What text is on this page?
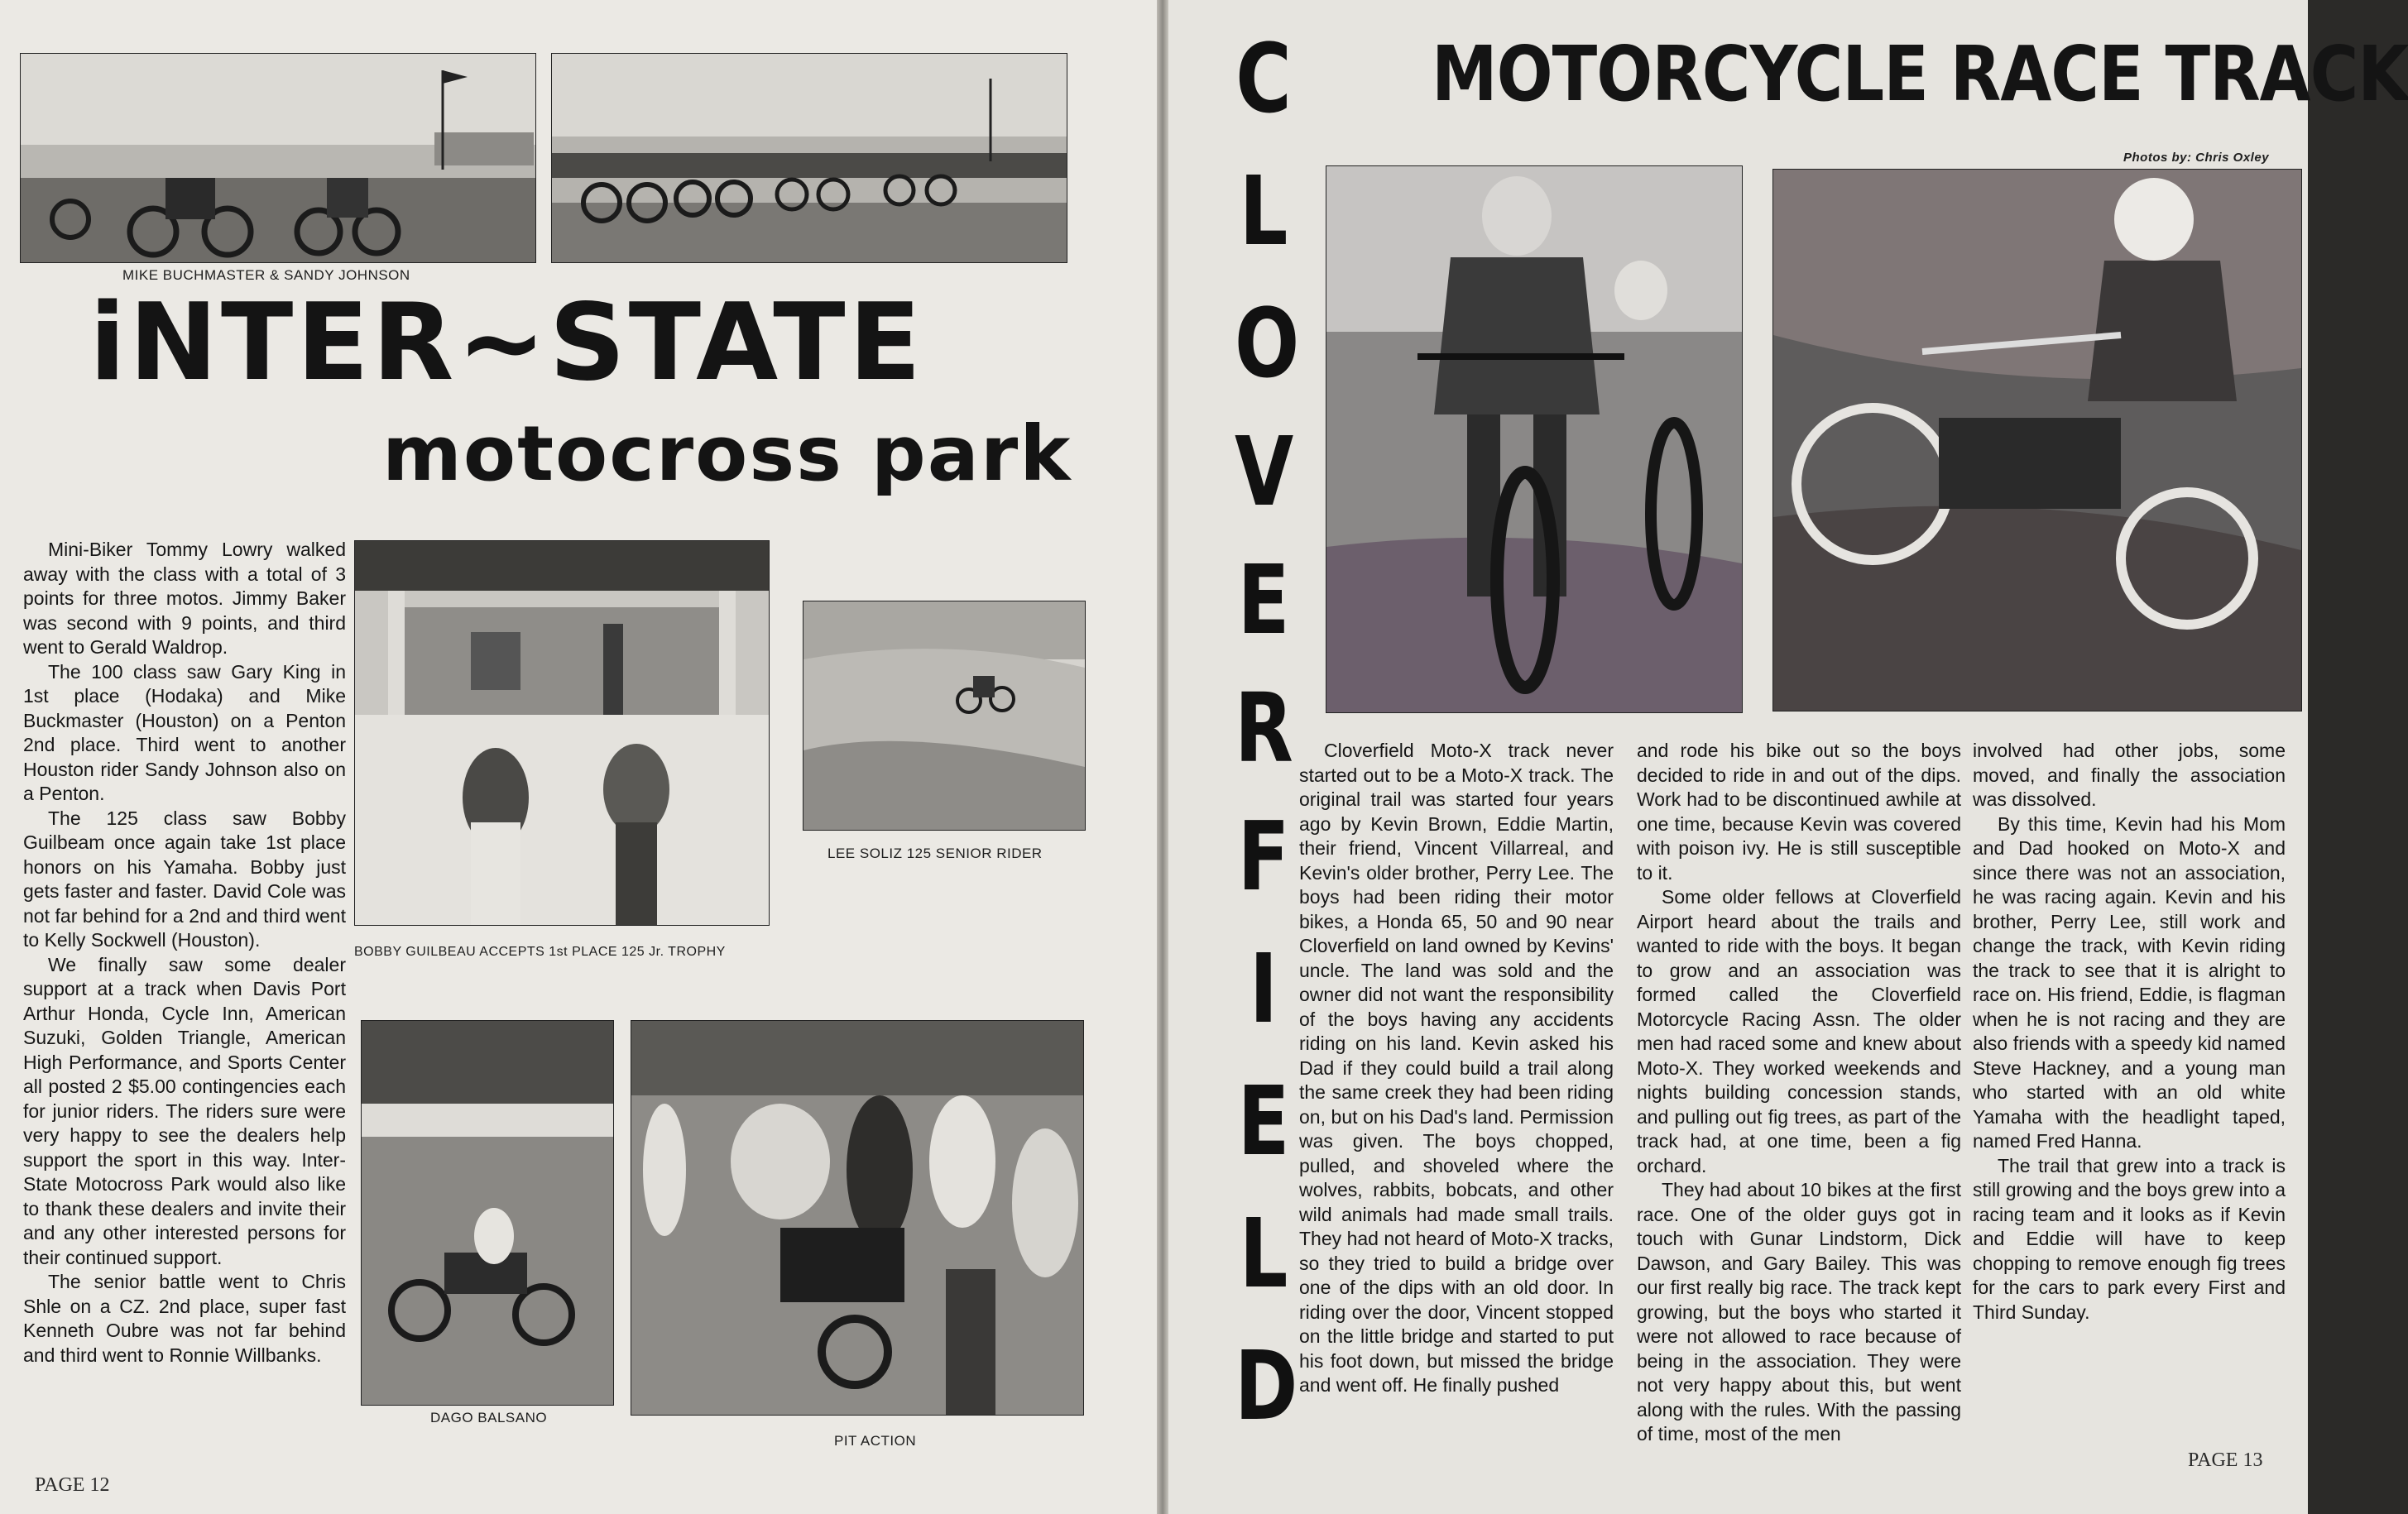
MIKE BUCHMASTER & SANDY JOHNSON
iNTER~STATE
motocross park

Mini-Biker Tommy Lowry walked away with the class with a total of 3 points for three motos. Jimmy Baker was second with 9 points, and third went to Gerald Waldrop.

The 100 class saw Gary King in 1st place (Hodaka) and Mike Buckmaster (Houston) on a Penton 2nd place. Third went to another Houston rider Sandy Johnson also on a Penton.

The 125 class saw Bobby Guilbeam once again take 1st place honors on his Yamaha. Bobby just gets faster and faster. David Cole was not far behind for a 2nd and third went to Kelly Sockwell (Houston).

We finally saw some dealer support at a track when Davis Port Arthur Honda, Cycle Inn, American Suzuki, Golden Triangle, American High Performance, and Sports Center all posted 2 $5.00 contingencies each for junior riders. The riders sure were very happy to see the dealers help support the sport in this way. Inter-State Motocross Park would also like to thank these dealers and invite their and any other interested persons for their continued support.

The senior battle went to Chris Shle on a CZ. 2nd place, super fast Kenneth Oubre was not far behind and third went to Ronnie Willbanks.

BOBBY GUILBEAU ACCEPTS 1st PLACE 125 Jr. TROPHY
LEE SOLIZ 125 SENIOR RIDER
DAGO BALSANO
PIT ACTION
PAGE 12
MOTORCYCLE RACE TRACK
Photos by: Chris Oxley
C
L
O
V
E
R
F
I
E
L
D

Cloverfield Moto-X track never started out to be a Moto-X track. The original trail was started four years ago by Kevin Brown, Eddie Martin, their friend, Vincent Villarreal, and Kevin's older brother, Perry Lee. The boys had been riding their motor bikes, a Honda 65, 50 and 90 near Cloverfield on land owned by Kevins' uncle. The land was sold and the owner did not want the responsibility of the boys having any accidents riding on his land. Kevin asked his Dad if they could build a trail along the same creek they had been riding on, but on his Dad's land. Permission was given. The boys chopped, pulled, and shoveled where the wolves, rabbits, bobcats, and other wild animals had made small trails. They had not heard of Moto-X tracks, so they tried to build a bridge over one of the dips with an old door. In riding over the door, Vincent stopped on the little bridge and started to put his foot down, but missed the bridge and went off. He finally pushed

and rode his bike out so the boys decided to ride in and out of the dips. Work had to be discontinued awhile at one time, because Kevin was covered with poison ivy. He is still susceptible to it.

Some older fellows at Cloverfield Airport heard about the trails and wanted to ride with the boys. It began to grow and an association was formed called the Cloverfield Motorcycle Racing Assn. The older men had raced some and knew about Moto-X. They worked weekends and nights building concession stands, and pulling out fig trees, as part of the track had, at one time, been a fig orchard.

They had about 10 bikes at the first race. One of the older guys got in touch with Gunar Lindstorm, Dick Dawson, and Gary Bailey. This was our first really big race. The track kept growing, but the boys who started it were not allowed to race because of being in the association. They were not very happy about this, but went along with the rules. With the passing of time, most of the men

involved had other jobs, some moved, and finally the association was dissolved.

By this time, Kevin had his Mom and Dad hooked on Moto-X and since there was not an association, he was racing again. Kevin and his brother, Perry Lee, still work and change the track, with Kevin riding the track to see that it is alright to race on. His friend, Eddie, is flagman when he is not racing and they are also friends with a speedy kid named Steve Hackney, and a young man who started with an old white Yamaha with the headlight taped, named Fred Hanna.

The trail that grew into a track is still growing and the boys grew into a racing team and it looks as if Kevin and Eddie will have to keep chopping to remove enough fig trees for the cars to park every First and Third Sunday.

PAGE 13
